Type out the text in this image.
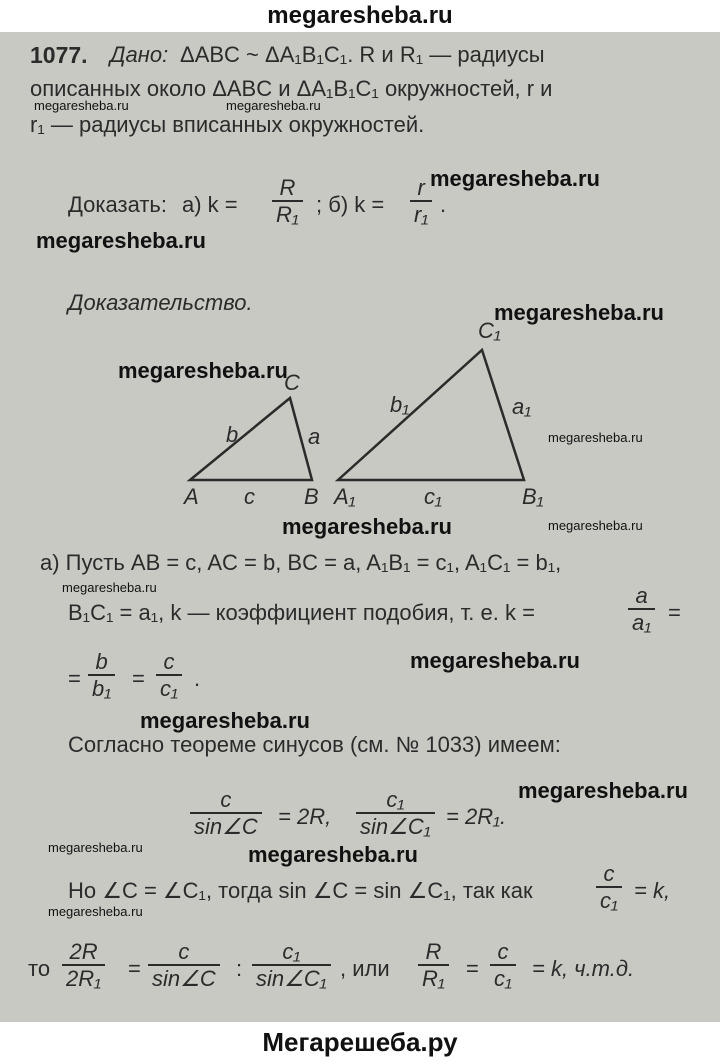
megaresheba.ru
1077. Дано: ΔABC ~ ΔA₁B₁C₁. R и R₁ — радиусы
описанных около ΔABC и ΔA₁B₁C₁ окружностей, r и
r₁ — радиусы вписанных окружностей.
Доказать: а) $k = \frac{R}{\text{R₁}}$ ; б) $k = \frac{r}{\text{r₁}}$ .
Доказательство.
C
A	B
b	a
c
C₁
A₁	B₁
b₁	a₁
c₁
а) Пусть AB = c, AC = b, BC = a, A₁B₁ = c₁, A₁C₁ = b₁,
B₁C₁ = a₁, k — коэффициент подобия, т. е. k =	$\frac{a}{\text{a₁}}$ =
= $\frac{b}{\text{b₁}} = \frac{c}{\text{c₁}}$ .
Согласно теореме синусов (см. № 1033) имеем:
$\frac{c}{\sin\angle C} = 2R$, $\frac{\text{c₁}}{\text{sin∠C₁}} = 2R_1$.
Но ∠C = ∠C₁, тогда sin ∠C = sin ∠C₁, так как	$\frac{c}{\text{c₁}} = k$,
то $\frac{2R}{\text{2R₁}} = \frac{c}{\sin\angle C}$ : $\frac{\text{c₁}}{\text{sin∠C₁}}$ , или $\frac{R}{\text{R₁}} = \frac{c}{\text{c₁}} = k$, ч.т.д.
megaresheba.ru	megaresheba.ru
megaresheba.ru
megaresheba.ru
megaresheba.ru
megaresheba.ru
megaresheba.ru
megaresheba.ru	megaresheba.ru
megaresheba.ru
megaresheba.ru
megaresheba.ru
megaresheba.ru
megaresheba.ru	megaresheba.ru
megaresheba.ru
Мегарешеба.ру
